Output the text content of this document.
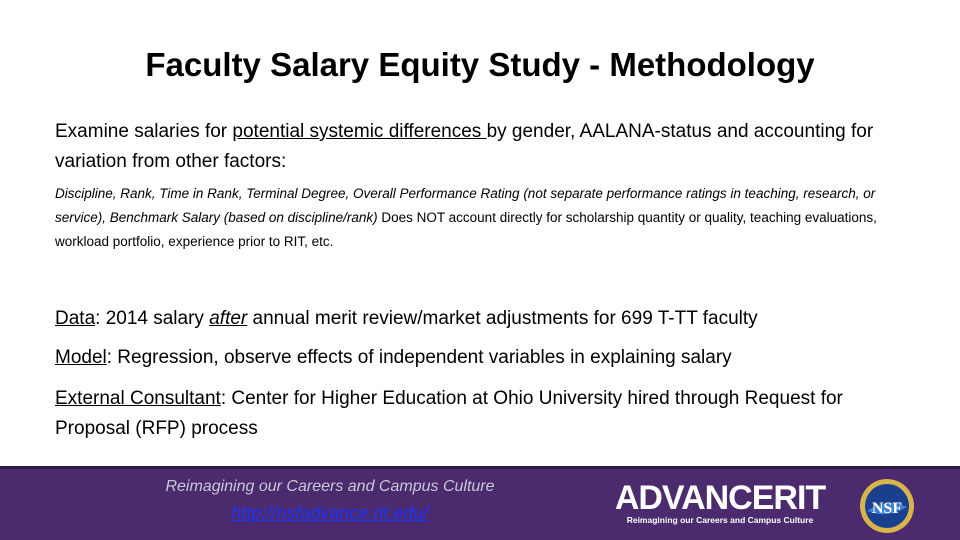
Faculty Salary Equity Study - Methodology
Examine salaries for potential systemic differences by gender, AALANA-status and accounting for variation from other factors:
Discipline, Rank, Time in Rank, Terminal Degree, Overall Performance Rating (not separate performance ratings in teaching, research, or service), Benchmark Salary (based on discipline/rank) Does NOT account directly for scholarship quantity or quality, teaching evaluations, workload portfolio, experience prior to RIT, etc.
Data: 2014 salary after annual merit review/market adjustments for 699 T-TT faculty
Model: Regression, observe effects of independent variables in explaining salary
External Consultant: Center for Higher Education at Ohio University hired through Request for Proposal (RFP) process
Reimagining our Careers and Campus Culture
http://nsfadvance.rit.edu/	ADVANCERIT
Reimagining our Careers and Campus Culture
NSF
